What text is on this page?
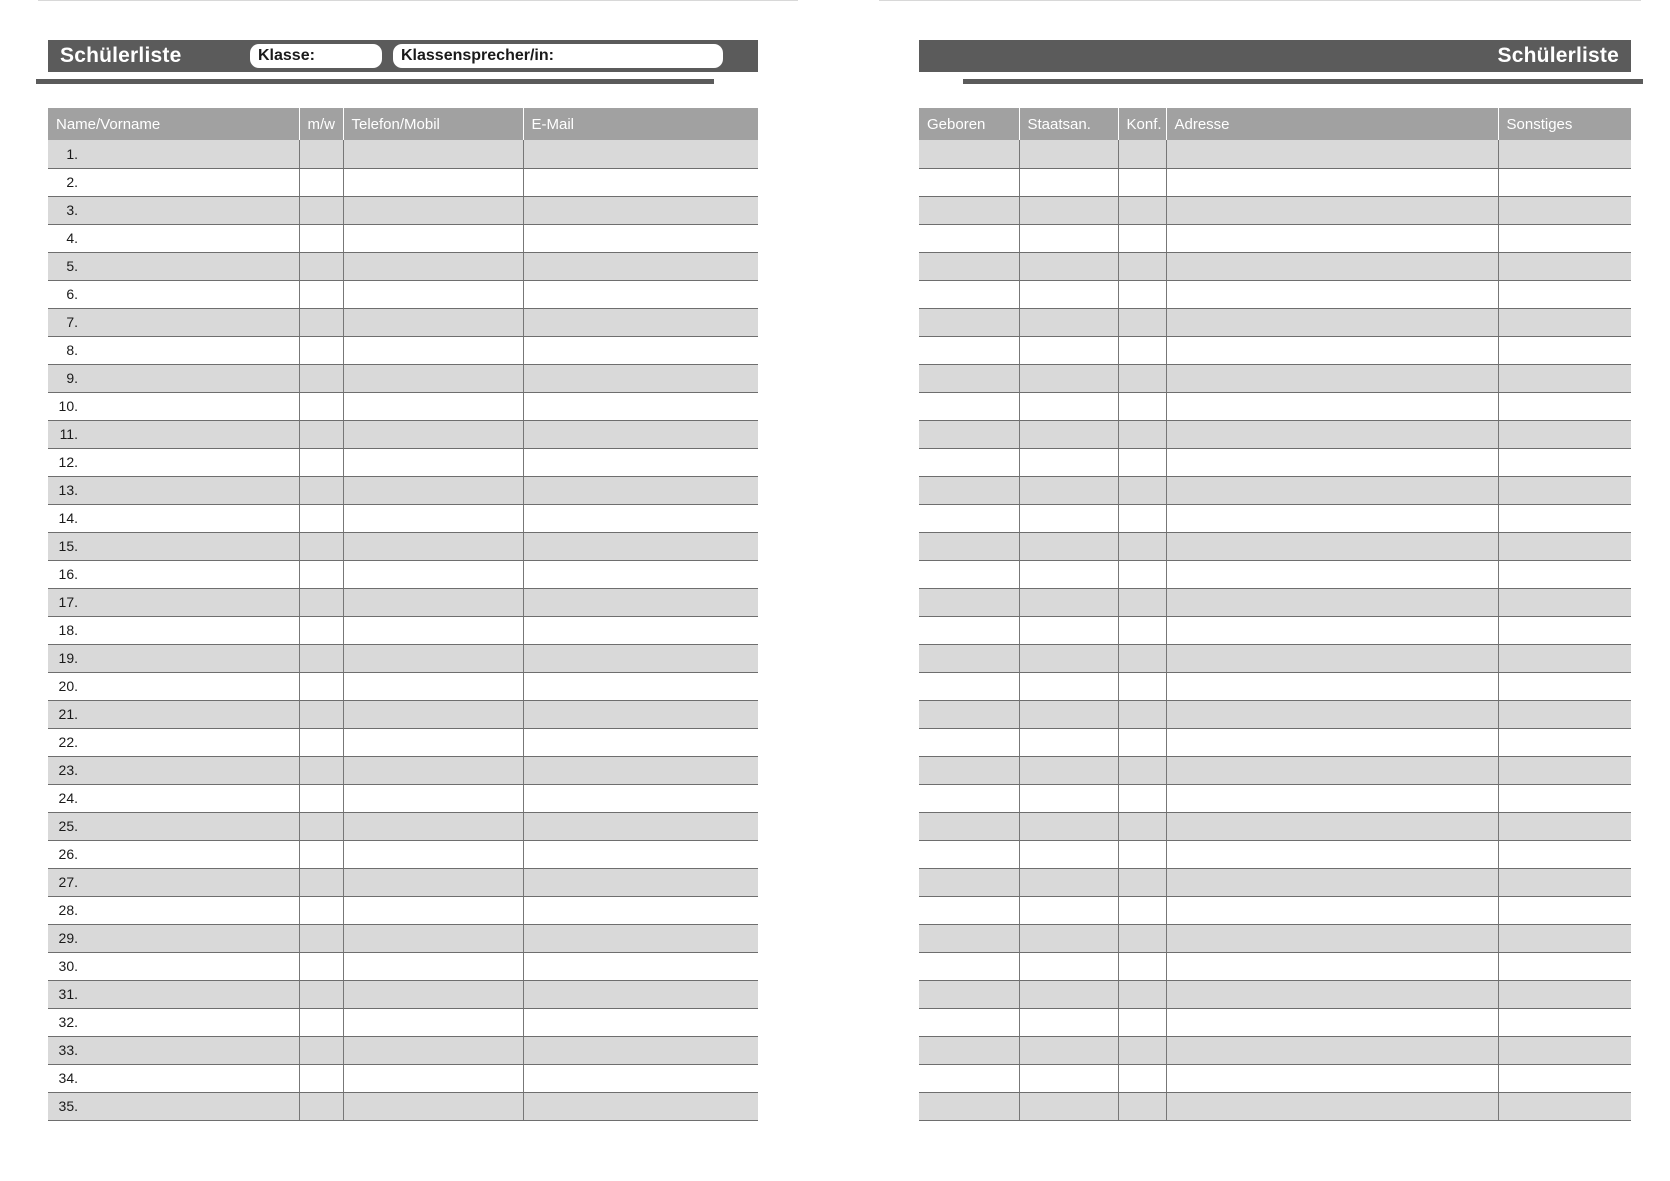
Schülerliste	Klasse:	Klassensprecher/in:
Name/Vorname	m/w	Telefon/Mobil	E-Mail
1.			
2.			
3.			
4.			
5.			
6.			
7.			
8.			
9.			
10.			
11.			
12.			
13.			
14.			
15.			
16.			
17.			
18.			
19.			
20.			
21.			
22.			
23.			
24.			
25.			
26.			
27.			
28.			
29.			
30.			
31.			
32.			
33.			
34.			
35.			
Schülerliste
Geboren	Staatsan.	Konf.	Adresse	Sonstiges
